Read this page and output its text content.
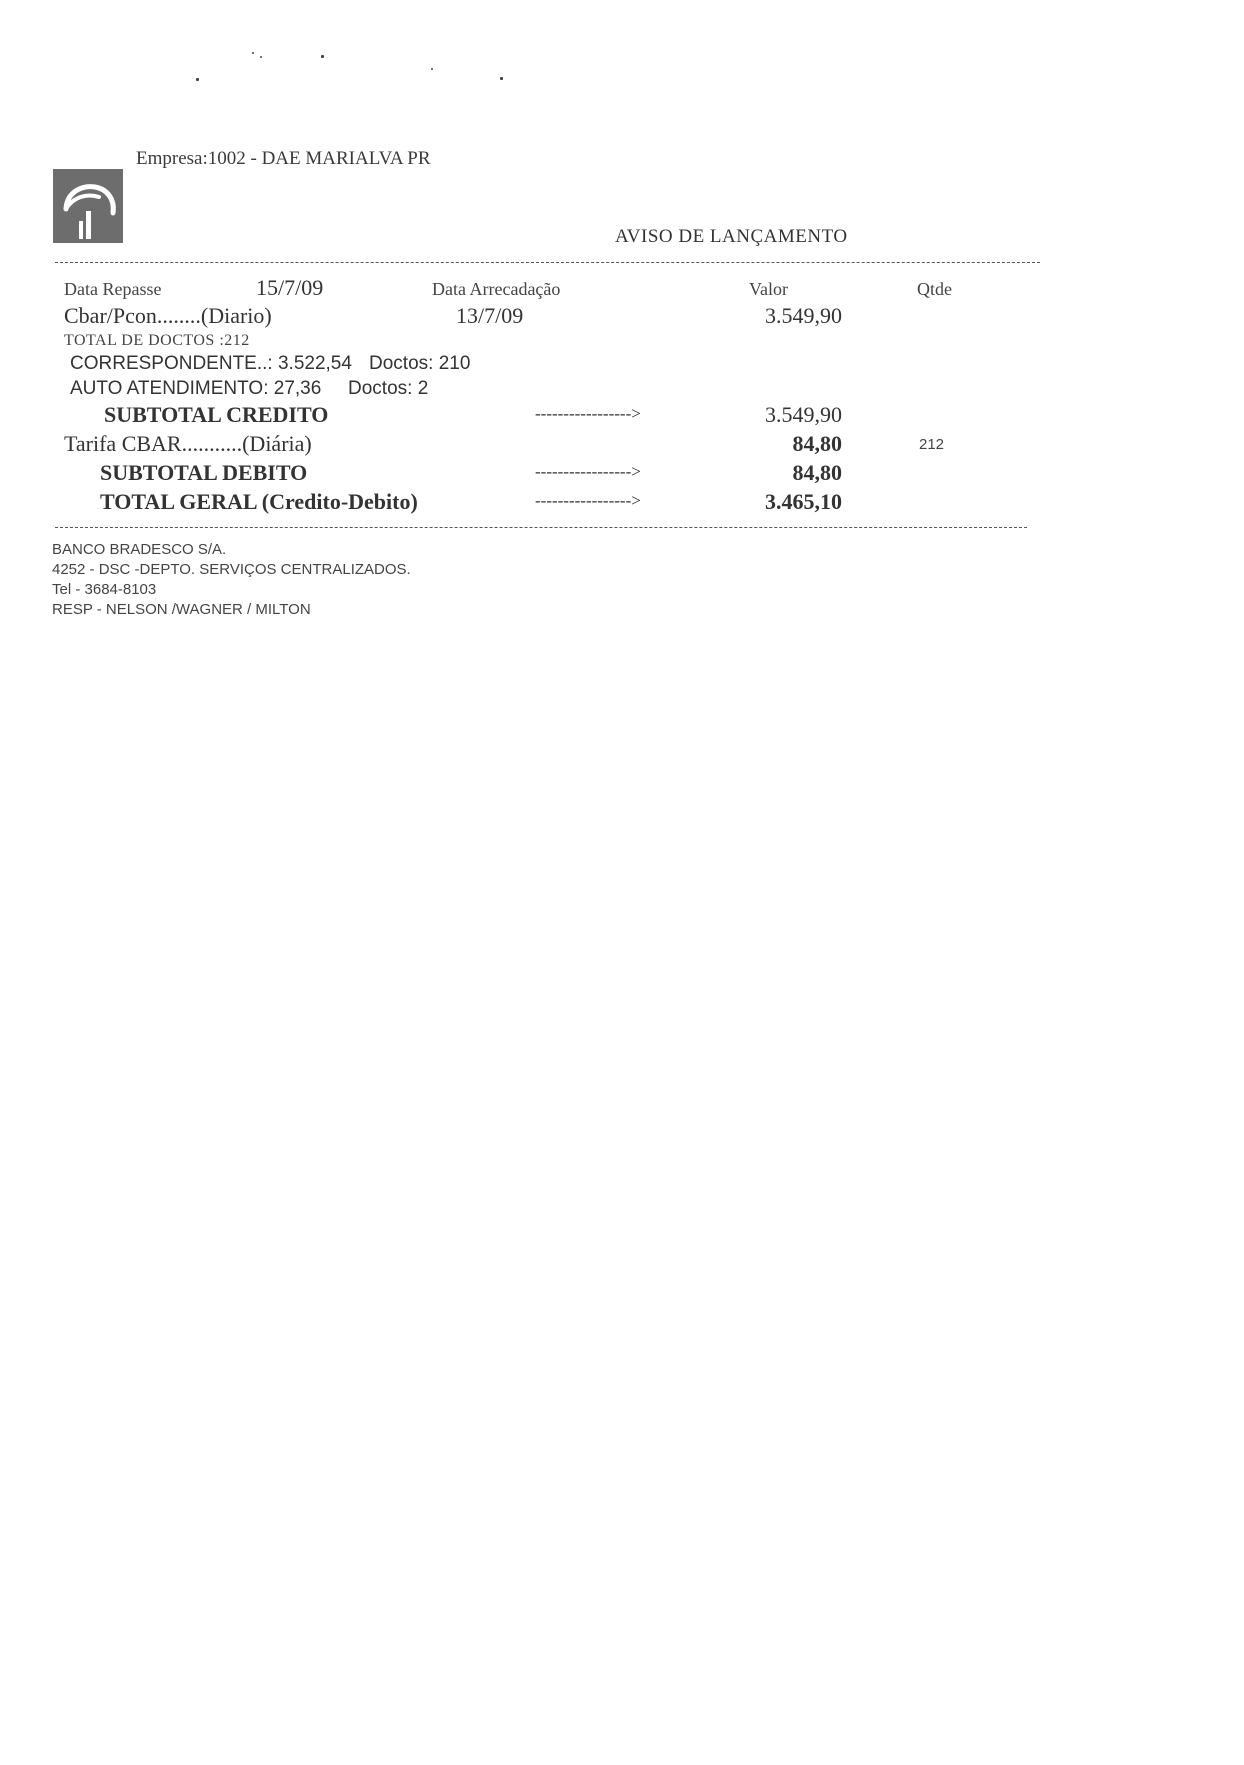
Empresa:1002 - DAE MARIALVA PR
AVISO DE LANÇAMENTO
Data Repasse	15/7/09	Data Arrecadação	Valor	Qtde
Cbar/Pcon........(Diario)	13/7/09	3.549,90
TOTAL DE DOCTOS :212
CORRESPONDENTE..: 3.522,54 Doctos: 210
AUTO ATENDIMENTO: 27,36 Doctos: 2
SUBTOTAL CREDITO	----------------->	3.549,90
Tarifa CBAR...........(Diária)	84,80	212
SUBTOTAL DEBITO	----------------->	84,80
TOTAL GERAL (Credito-Debito)	----------------->	3.465,10
BANCO BRADESCO S/A.
4252 - DSC -DEPTO. SERVIÇOS CENTRALIZADOS.
Tel - 3684-8103
RESP - NELSON /WAGNER / MILTON
